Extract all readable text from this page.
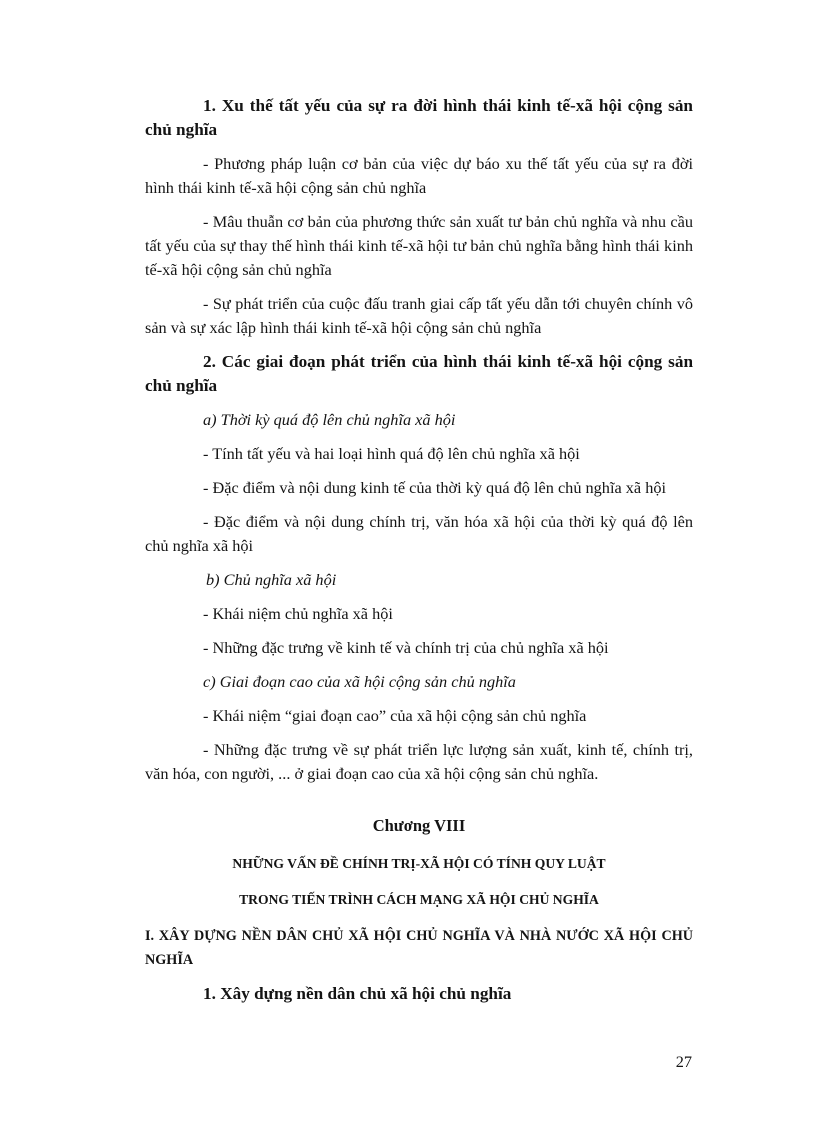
1. Xu thế tất yếu của sự ra đời hình thái kinh tế-xã hội cộng sản chủ nghĩa
- Phương pháp luận cơ bản của việc dự báo xu thế tất yếu của sự ra đời hình thái kinh tế-xã hội cộng sản chủ nghĩa
- Mâu thuẫn cơ bản của phương thức sản xuất tư bản chủ nghĩa và nhu cầu tất yếu của sự thay thế hình thái kinh tế-xã hội tư bản chủ nghĩa bằng hình thái kinh tế-xã hội cộng sản chủ nghĩa
- Sự phát triển của cuộc đấu tranh giai cấp tất yếu dẫn tới chuyên chính vô sản và sự xác lập hình thái kinh tế-xã hội cộng sản chủ nghĩa
2. Các giai đoạn phát triển của hình thái kinh tế-xã hội cộng sản chủ nghĩa
a) Thời kỳ quá độ lên chủ nghĩa xã hội
- Tính tất yếu và hai loại hình quá độ lên chủ nghĩa xã hội
- Đặc điểm và nội dung kinh tế của thời kỳ quá độ lên chủ nghĩa xã hội
- Đặc điểm và nội dung chính trị, văn hóa xã hội của thời kỳ quá độ lên chủ nghĩa xã hội
b) Chủ nghĩa xã hội
- Khái niệm chủ nghĩa xã hội
- Những đặc trưng về kinh tế và chính trị của chủ nghĩa xã hội
c) Giai đoạn cao của xã hội cộng sản chủ nghĩa
- Khái niệm “giai đoạn cao” của xã hội cộng sản chủ nghĩa
- Những đặc trưng về sự phát triển lực lượng sản xuất, kinh tế, chính trị, văn hóa, con người, ... ở giai đoạn cao của xã hội cộng sản chủ nghĩa.
Chương VIII
NHỮNG VẤN ĐỀ CHÍNH TRỊ-XÃ HỘI CÓ TÍNH QUY LUẬT
TRONG TIẾN TRÌNH CÁCH MẠNG XÃ HỘI CHỦ NGHĨA
I. XÂY DỰNG NỀN DÂN CHỦ XÃ HỘI CHỦ NGHĨA VÀ NHÀ NƯỚC XÃ HỘI CHỦ NGHĨA
1. Xây dựng nền dân chủ xã hội chủ nghĩa
27
